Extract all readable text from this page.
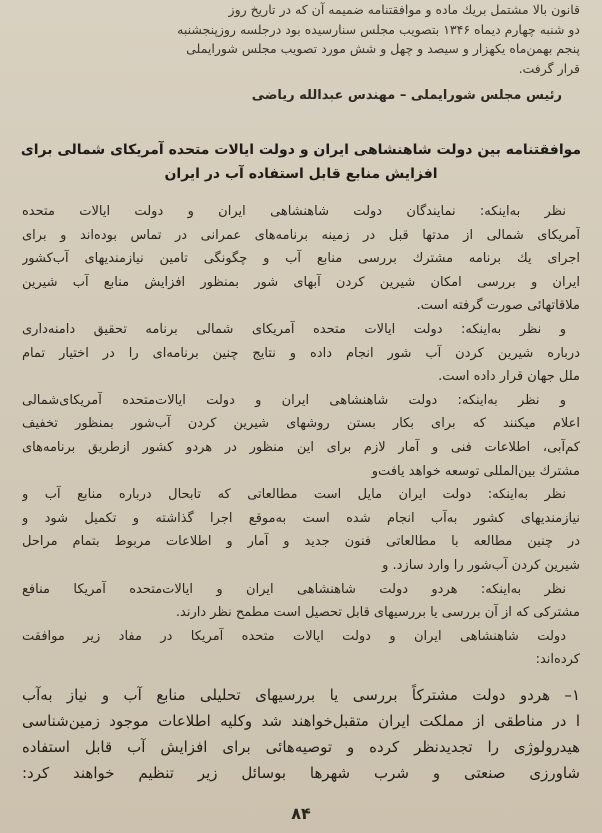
قانون بالا مشتمل بريك ماده و موافقتنامه ضميمه آن كه در تاريخ روز
دو شنبه چهارم دیماه ۱۳۴۶ بتصویب مجلس سنارسیده بود درجلسه روزپنجشنبه
پنجم بهمن‌ماه یکهزار و سیصد و چهل و شش مورد تصویب مجلس شورایملی
قرار گرفت.
رئیس مجلس شورایملی – مهندس عبدالله ریاضی
موافقتنامه بین دولت شاهنشاهی ایران و دولت ایالات متحده آمریکای شمالی برای
افزایش منابع قابل استفاده آب در ایران
نظر به‌اینکه: نمایندگان دولت شاهنشاهی ایران و دولت ایالات متحده
آمریکای شمالی از مدتها قبل در زمینه برنامه‌های عمرانی در تماس بوده‌اند و برای
اجرای یك برنامه مشترك بررسی منابع آب و چگونگی تامین نیازمندیهای آب‌کشور
ایران و بررسی امکان شیرین کردن آبهای شور بمنظور افزایش منابع آب شیرین
ملاقاتهائی صورت گرفته است.
و نظر به‌اینکه: دولت ایالات متحده آمریکای شمالی برنامه تحقیق دامنه‌داری
درباره شیرین کردن آب شور انجام داده و نتایج چنین برنامه‌ای را در اختیار تمام
ملل جهان قرار داده است.
و نظر به‌اینکه: دولت شاهنشاهی ایران و دولت ایالات‌متحده آمریکای‌شمالی
اعلام میکنند که برای بکار بستن روشهای شیرین کردن آب‌شور بمنظور تخفیف
کم‌آبی، اطلاعات فنی و آمار لازم برای این منظور در هردو کشور ازطریق برنامه‌های
مشترك بین‌المللی توسعه خواهد یافت‌و
نظر به‌اینکه: دولت ایران مایل است مطالعاتی که تابحال درباره منابع آب و
نیازمندیهای کشور به‌آب انجام شده است به‌موقع اجرا گذاشته و تکمیل شود و
در چنین مطالعه با مطالعاتی فنون جدید و آمار و اطلاعات مربوط بتمام مراحل
شیرین کردن آب‌شور را وارد سازد. و
نظر به‌اینکه: هردو دولت شاهنشاهی ایران و ایالات‌متحده آمریکا منافع
مشترکی که از آن بررسی یا بررسیهای قابل تحصیل است مطمح نظر دارند.
دولت شاهنشاهی ایران و دولت ایالات متحده آمریکا در مفاد زیر موافقت
کرده‌اند:
۱– هردو دولت مشترکاً بررسی یا بررسیهای تحلیلی منابع آب و نیاز به‌آب
ا در مناطقی از مملکت ایران متقبل‌خواهند شد وکلیه اطلاعات موجود زمین‌شناسی
هیدرولوژی را تجدیدنظر کرده و توصیه‌هائی برای افزایش آب قابل استفاده
شاورزی صنعتی و شرب شهرها بوسائل زیر تنظیم خواهند کرد:
۸۴
